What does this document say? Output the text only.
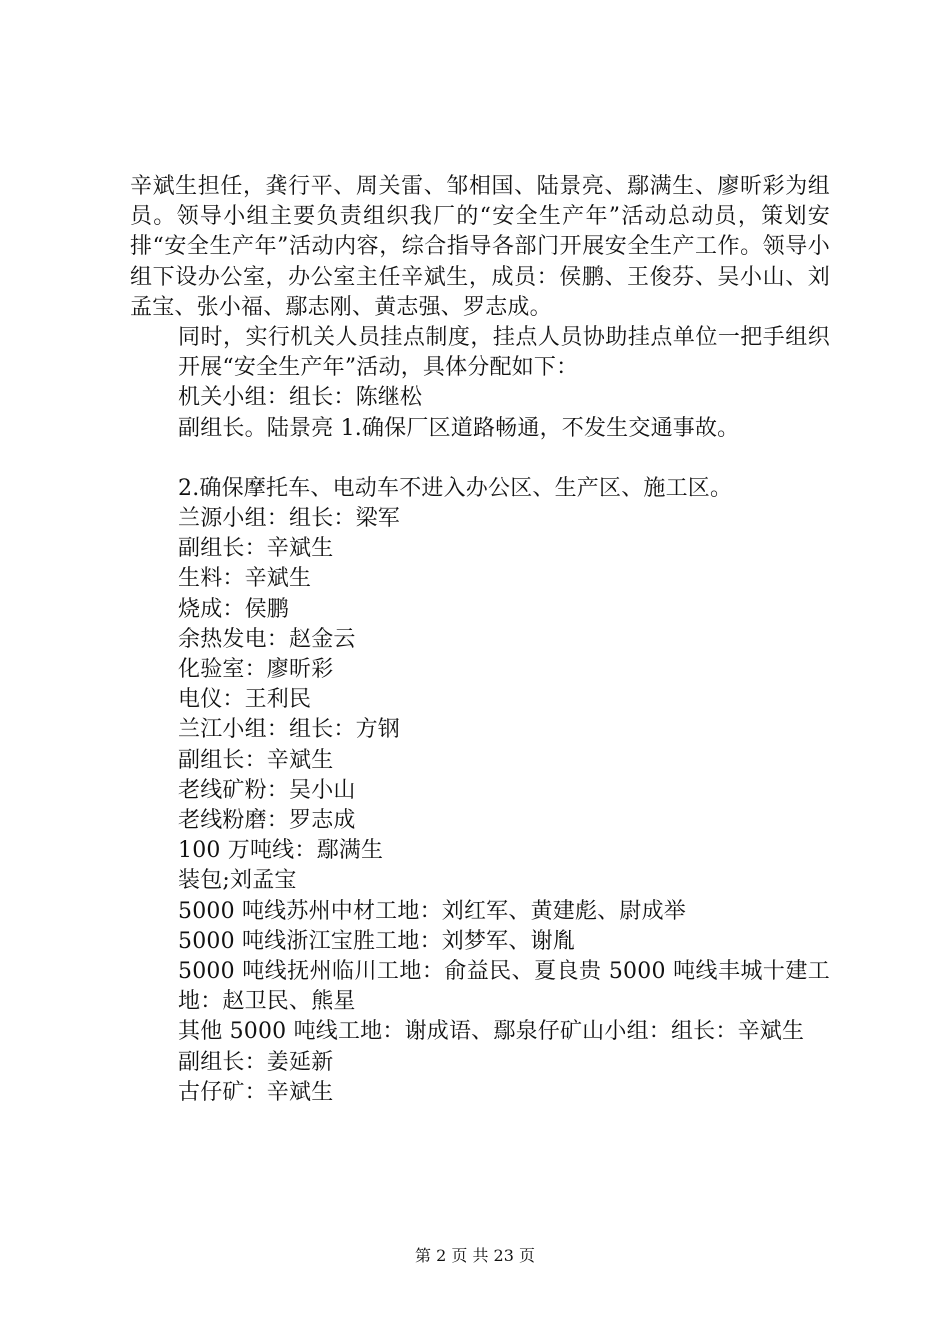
辛斌生担任，龚行平、周关雷、邹相国、陆景亮、鄢满生、廖昕彩为组员。领导小组主要负责组织我厂的“安全生产年”活动总动员，策划安排“安全生产年”活动内容，综合指导各部门开展安全生产工作。领导小组下设办公室，办公室主任辛斌生，成员：侯鹏、王俊芬、吴小山、刘孟宝、张小福、鄢志刚、黄志强、罗志成。

同时，实行机关人员挂点制度，挂点人员协助挂点单位一把手组织开展“安全生产年”活动，具体分配如下：

机关小组：组长：陈继松

副组长。陆景亮 1.确保厂区道路畅通，不发生交通事故。

2.确保摩托车、电动车不进入办公区、生产区、施工区。

兰源小组：组长：梁军

副组长：辛斌生

生料：辛斌生

烧成：侯鹏

余热发电：赵金云

化验室：廖昕彩

电仪：王利民

兰江小组：组长：方钢

副组长：辛斌生

老线矿粉：吴小山

老线粉磨：罗志成

100 万吨线：鄢满生

装包;刘孟宝

5000 吨线苏州中材工地：刘红军、黄建彪、尉成举

5000 吨线浙江宝胜工地：刘梦军、谢胤

5000 吨线抚州临川工地：俞益民、夏良贵 5000 吨线丰城十建工地：赵卫民、熊星

其他 5000 吨线工地：谢成语、鄢泉仔矿山小组：组长：辛斌生

副组长：姜延新

古仔矿：辛斌生

第 2 页 共 23 页
